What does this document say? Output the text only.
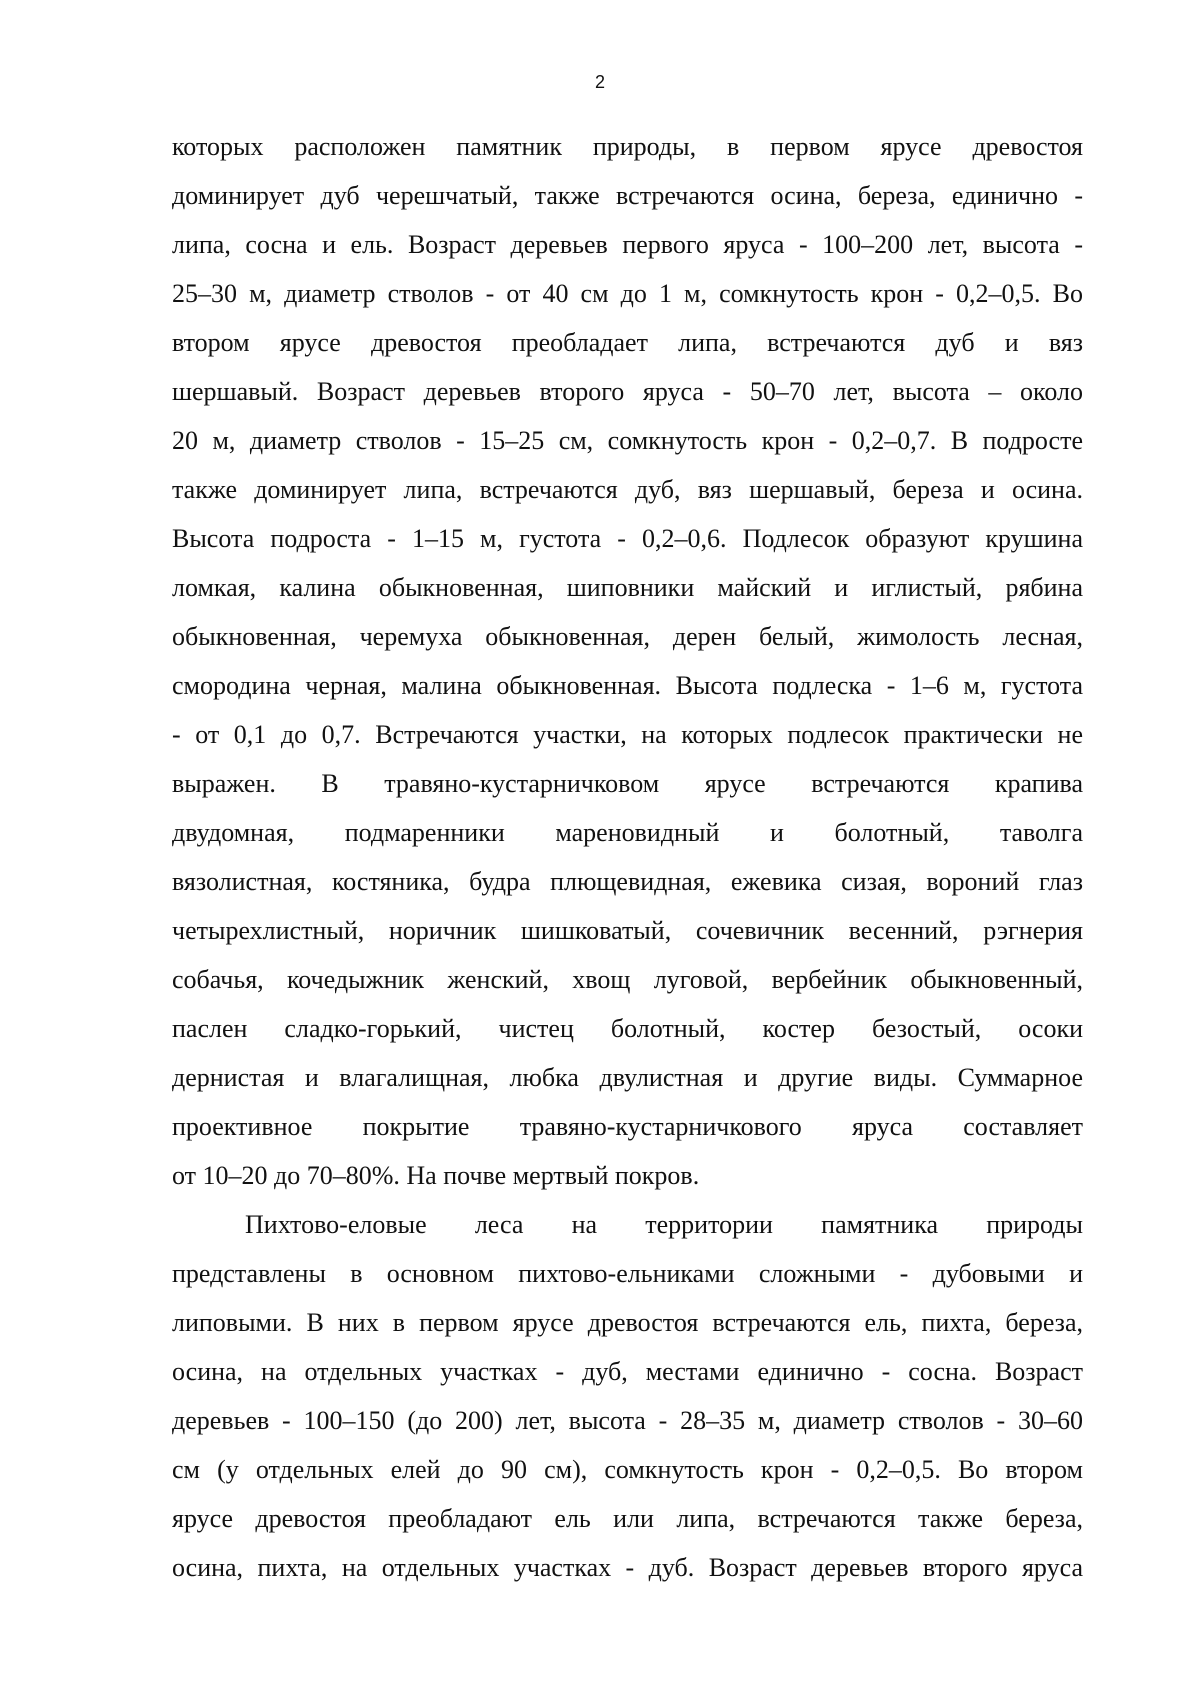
2
которых расположен памятник природы, в первом ярусе древостоя
доминирует дуб черешчатый, также встречаются осина, береза, единично -
липа, сосна и ель. Возраст деревьев первого яруса - 100–200 лет, высота -
25–30 м, диаметр стволов - от 40 см до 1 м, сомкнутость крон - 0,2–0,5. Во
втором ярусе древостоя преобладает липа, встречаются дуб и вяз
шершавый. Возраст деревьев второго яруса - 50–70 лет, высота – около
20 м, диаметр стволов - 15–25 см, сомкнутость крон - 0,2–0,7. В подросте
также доминирует липа, встречаются дуб, вяз шершавый, береза и осина.
Высота подроста - 1–15 м, густота - 0,2–0,6. Подлесок образуют крушина
ломкая, калина обыкновенная, шиповники майский и иглистый, рябина
обыкновенная, черемуха обыкновенная, дерен белый, жимолость лесная,
смородина черная, малина обыкновенная. Высота подлеска - 1–6 м, густота
- от 0,1 до 0,7. Встречаются участки, на которых подлесок практически не
выражен. В травяно-кустарничковом ярусе встречаются крапива
двудомная, подмаренники мареновидный и болотный, таволга
вязолистная, костяника, будра плющевидная, ежевика сизая, вороний глаз
четырехлистный, норичник шишковатый, сочевичник весенний, рэгнерия
собачья, кочедыжник женский, хвощ луговой, вербейник обыкновенный,
паслен сладко-горький, чистец болотный, костер безостый, осоки
дернистая и влагалищная, любка двулистная и другие виды. Суммарное
проективное покрытие травяно-кустарничкового яруса составляет
от 10–20 до 70–80%. На почве мертвый покров.
Пихтово-еловые леса на территории памятника природы
представлены в основном пихтово-ельниками сложными - дубовыми и
липовыми. В них в первом ярусе древостоя встречаются ель, пихта, береза,
осина, на отдельных участках - дуб, местами единично - сосна. Возраст
деревьев - 100–150 (до 200) лет, высота - 28–35 м, диаметр стволов - 30–60
см (у отдельных елей до 90 см), сомкнутость крон - 0,2–0,5. Во втором
ярусе древостоя преобладают ель или липа, встречаются также береза,
осина, пихта, на отдельных участках - дуб. Возраст деревьев второго яруса
